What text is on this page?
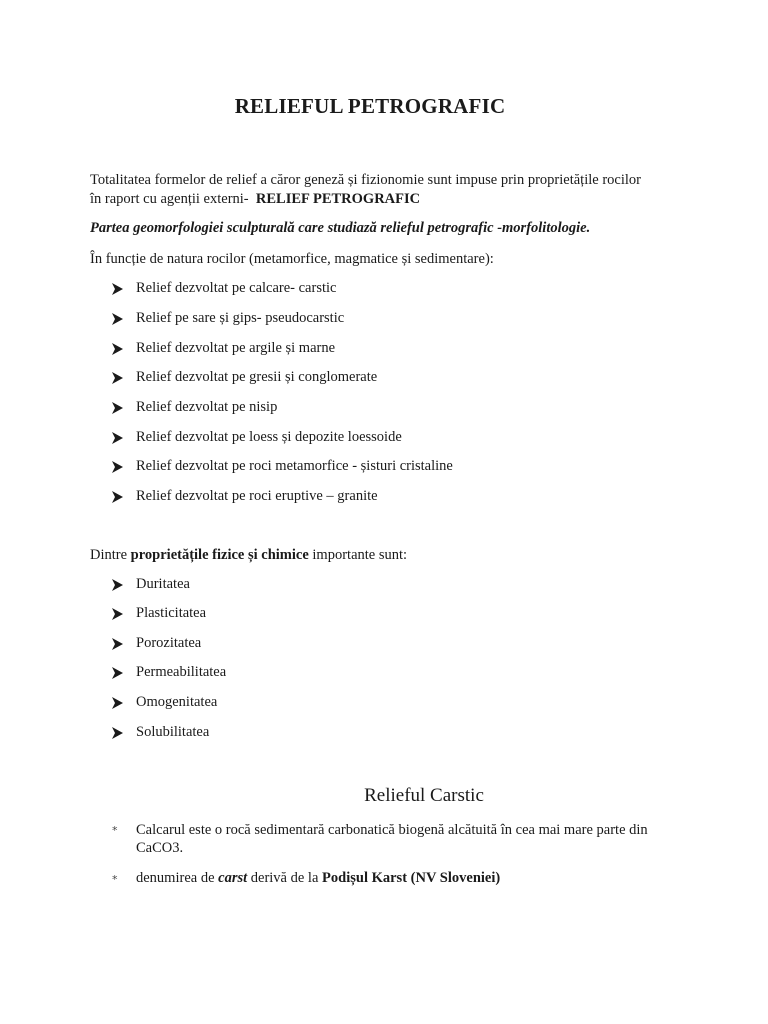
RELIEFUL PETROGRAFIC
Totalitatea formelor de relief a căror geneză și fizionomie sunt impuse prin proprietățile rocilor
în raport cu agenții externi- RELIEF PETROGRAFIC
Partea geomorfologiei sculpturală care studiază relieful petrografic -morfolitologie.
În funcție de natura rocilor (metamorfice, magmatice și sedimentare):
Relief dezvoltat pe calcare- carstic
Relief pe sare și gips- pseudocarstic
Relief dezvoltat pe argile și marne
Relief dezvoltat pe gresii și conglomerate
Relief dezvoltat pe nisip
Relief dezvoltat pe loess și depozite loessoide
Relief dezvoltat pe roci metamorfice - șisturi cristaline
Relief dezvoltat pe roci eruptive – granite
Dintre proprietățile fizice și chimice importante sunt:
Duritatea
Plasticitatea
Porozitatea
Permeabilitatea
Omogenitatea
Solubilitatea
Relieful Carstic
*	Calcarul este o rocă sedimentară carbonatică biogenă alcătuită în cea mai mare parte din CaCO3.
*	denumirea de carst derivă de la Podișul Karst (NV Sloveniei)
